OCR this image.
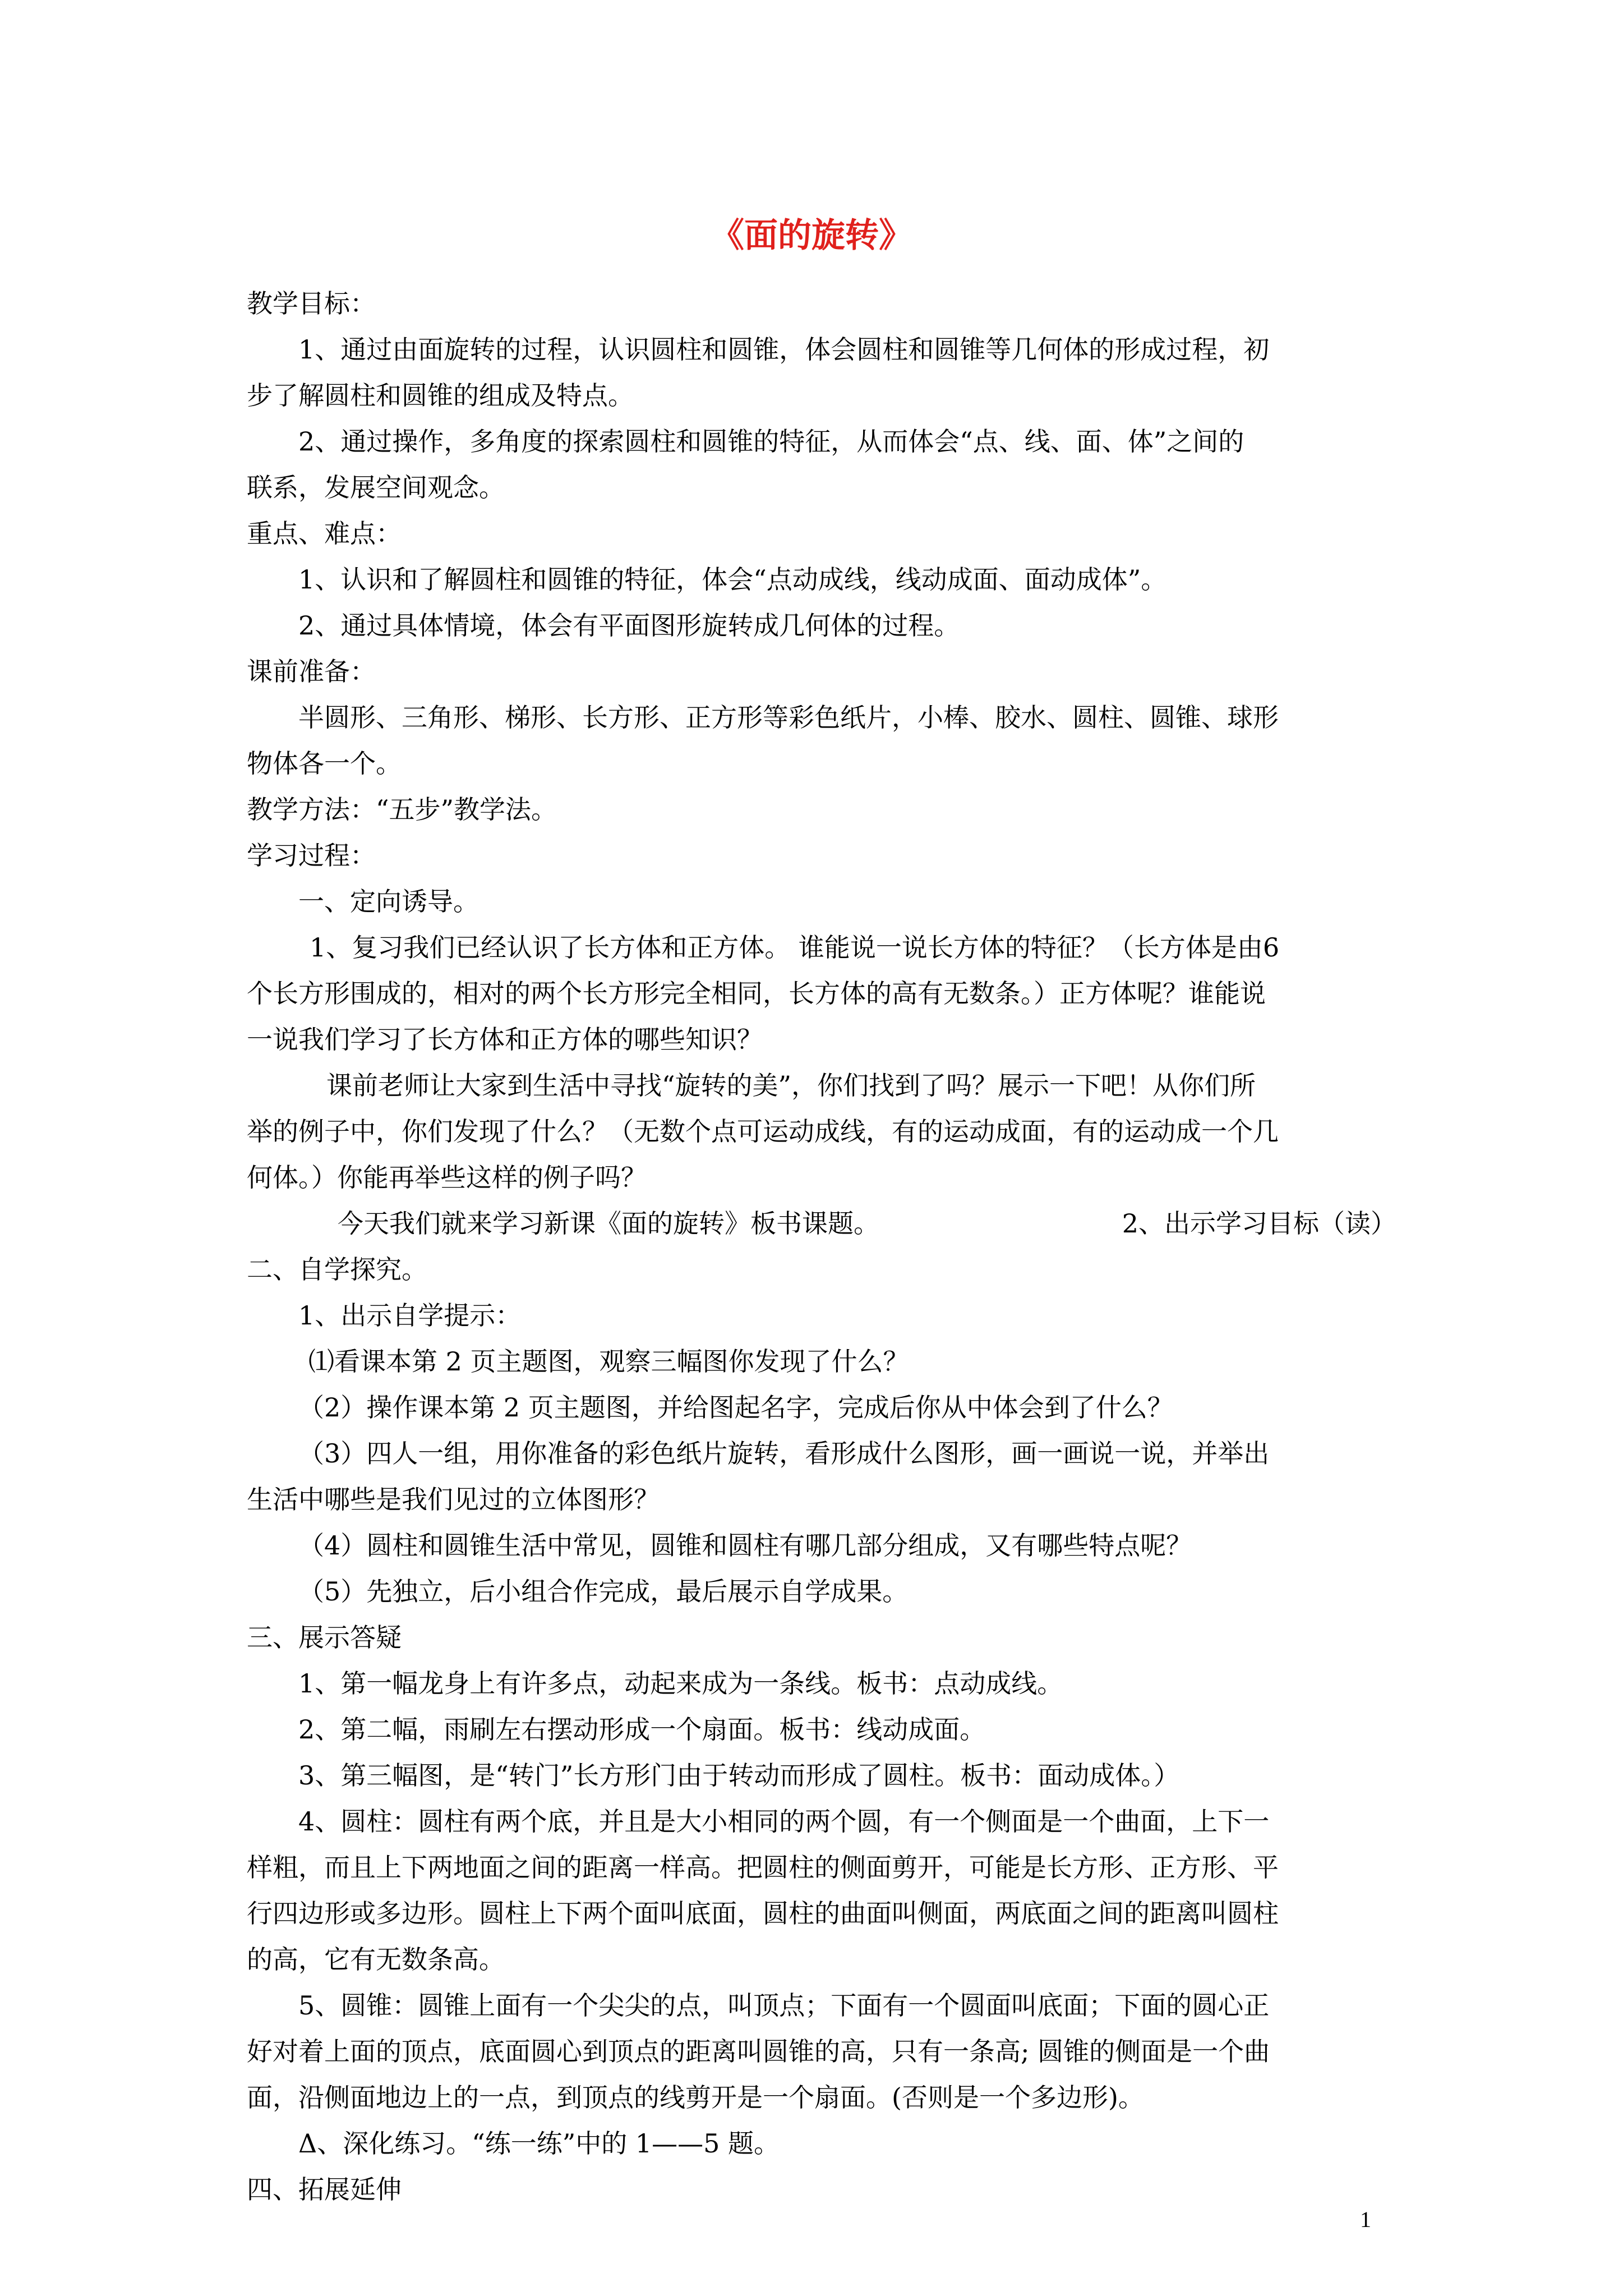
《面的旋转》
教学目标：
1、通过由面旋转的过程，认识圆柱和圆锥，体会圆柱和圆锥等几何体的形成过程，初
步了解圆柱和圆锥的组成及特点。
2、通过操作，多角度的探索圆柱和圆锥的特征，从而体会“点、线、面、体”之间的
联系，发展空间观念。
重点、难点：
1、认识和了解圆柱和圆锥的特征，体会“点动成线，线动成面、面动成体”。
2、通过具体情境，体会有平面图形旋转成几何体的过程。
课前准备：
半圆形、三角形、梯形、长方形、正方形等彩色纸片，小棒、胶水、圆柱、圆锥、球形
物体各一个。
教学方法：“五步”教学法。
学习过程：
一、定向诱导。
1、复习我们已经认识了长方体和正方体。 谁能说一说长方体的特征？（长方体是由6
个长方形围成的，相对的两个长方形完全相同，长方体的高有无数条。）正方体呢？谁能说
一说我们学习了长方体和正方体的哪些知识？
课前老师让大家到生活中寻找“旋转的美”，你们找到了吗？展示一下吧！从你们所
举的例子中，你们发现了什么？（无数个点可运动成线，有的运动成面，有的运动成一个几
何体。）你能再举些这样的例子吗？
今天我们就来学习新课《面的旋转》板书课题。	2、出示学习目标（读）
二、自学探究。
1、出示自学提示：
⑴看课本第 2 页主题图，观察三幅图你发现了什么？
（2）操作课本第 2 页主题图，并给图起名字，完成后你从中体会到了什么？
（3）四人一组，用你准备的彩色纸片旋转，看形成什么图形，画一画说一说，并举出
生活中哪些是我们见过的立体图形？
（4）圆柱和圆锥生活中常见，圆锥和圆柱有哪几部分组成，又有哪些特点呢？
（5）先独立，后小组合作完成，最后展示自学成果。
三、展示答疑
1、第一幅龙身上有许多点，动起来成为一条线。板书：点动成线。
2、第二幅，雨刷左右摆动形成一个扇面。板书：线动成面。
3、第三幅图，是“转门”长方形门由于转动而形成了圆柱。板书：面动成体。）
4、圆柱：圆柱有两个底，并且是大小相同的两个圆，有一个侧面是一个曲面，上下一
样粗，而且上下两地面之间的距离一样高。把圆柱的侧面剪开，可能是长方形、正方形、平
行四边形或多边形。圆柱上下两个面叫底面，圆柱的曲面叫侧面，两底面之间的距离叫圆柱
的高，它有无数条高。
5、圆锥：圆锥上面有一个尖尖的点，叫顶点；下面有一个圆面叫底面；下面的圆心正
好对着上面的顶点，底面圆心到顶点的距离叫圆锥的高，只有一条高; 圆锥的侧面是一个曲
面，沿侧面地边上的一点，到顶点的线剪开是一个扇面。(否则是一个多边形)。
Δ、深化练习。“练一练”中的 1——5 题。
四、拓展延伸
1
